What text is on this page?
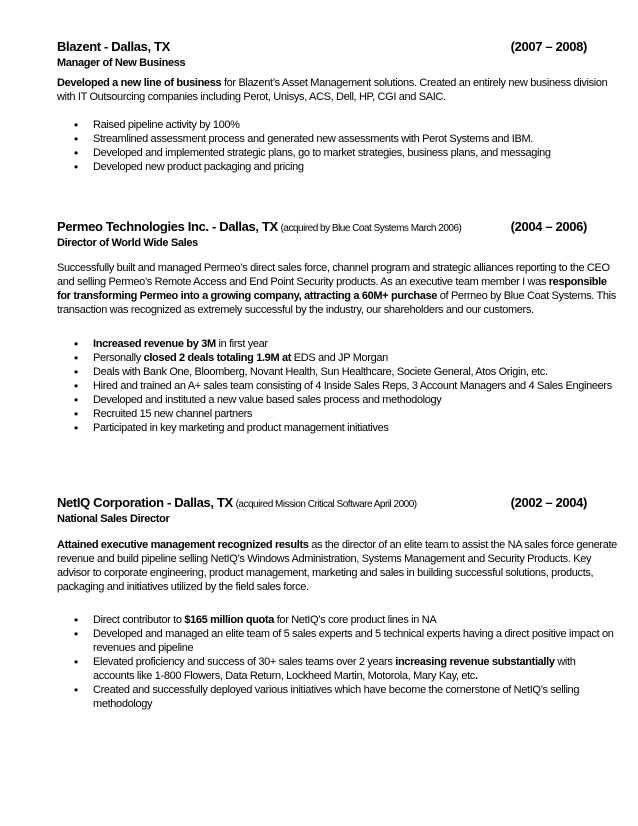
Blazent - Dallas, TX	(2007 – 2008)
Manager of New Business

Developed a new line of business for Blazent’s Asset Management solutions. Created an entirely new business division with IT Outsourcing companies including Perot, Unisys, ACS, Dell, HP, CGI and SAIC.

• Raised pipeline activity by 100%
• Streamlined assessment process and generated new assessments with Perot Systems and IBM.
• Developed and implemented strategic plans, go to market strategies, business plans, and messaging
• Developed new product packaging and pricing
Permeo Technologies Inc. - Dallas, TX (acquired by Blue Coat Systems March 2006)	(2004 – 2006)
Director of World Wide Sales

Successfully built and managed Permeo’s direct sales force, channel program and strategic alliances reporting to the CEO and selling Permeo’s Remote Access and End Point Security products. As an executive team member I was responsible for transforming Permeo into a growing company, attracting a 60M+ purchase of Permeo by Blue Coat Systems. This transaction was recognized as extremely successful by the industry, our shareholders and our customers.

• Increased revenue by 3M in first year
• Personally closed 2 deals totaling 1.9M at EDS and JP Morgan
• Deals with Bank One, Bloomberg, Novant Health, Sun Healthcare, Societe General, Atos Origin, etc.
• Hired and trained an A+ sales team consisting of 4 Inside Sales Reps, 3 Account Managers and 4 Sales Engineers
• Developed and instituted a new value based sales process and methodology
• Recruited 15 new channel partners
• Participated in key marketing and product management initiatives
NetIQ Corporation - Dallas, TX (acquired Mission Critical Software April 2000)	(2002 – 2004)
National Sales Director

Attained executive management recognized results as the director of an elite team to assist the NA sales force generate revenue and build pipeline selling NetIQ’s Windows Administration, Systems Management and Security Products. Key advisor to corporate engineering, product management, marketing and sales in building successful solutions, products, packaging and initiatives utilized by the field sales force.

• Direct contributor to $165 million quota for NetIQ’s core product lines in NA
• Developed and managed an elite team of 5 sales experts and 5 technical experts having a direct positive impact on revenues and pipeline
• Elevated proficiency and success of 30+ sales teams over 2 years increasing revenue substantially with accounts like 1-800 Flowers, Data Return, Lockheed Martin, Motorola, Mary Kay, etc.
• Created and successfully deployed various initiatives which have become the cornerstone of NetIQ’s selling methodology
